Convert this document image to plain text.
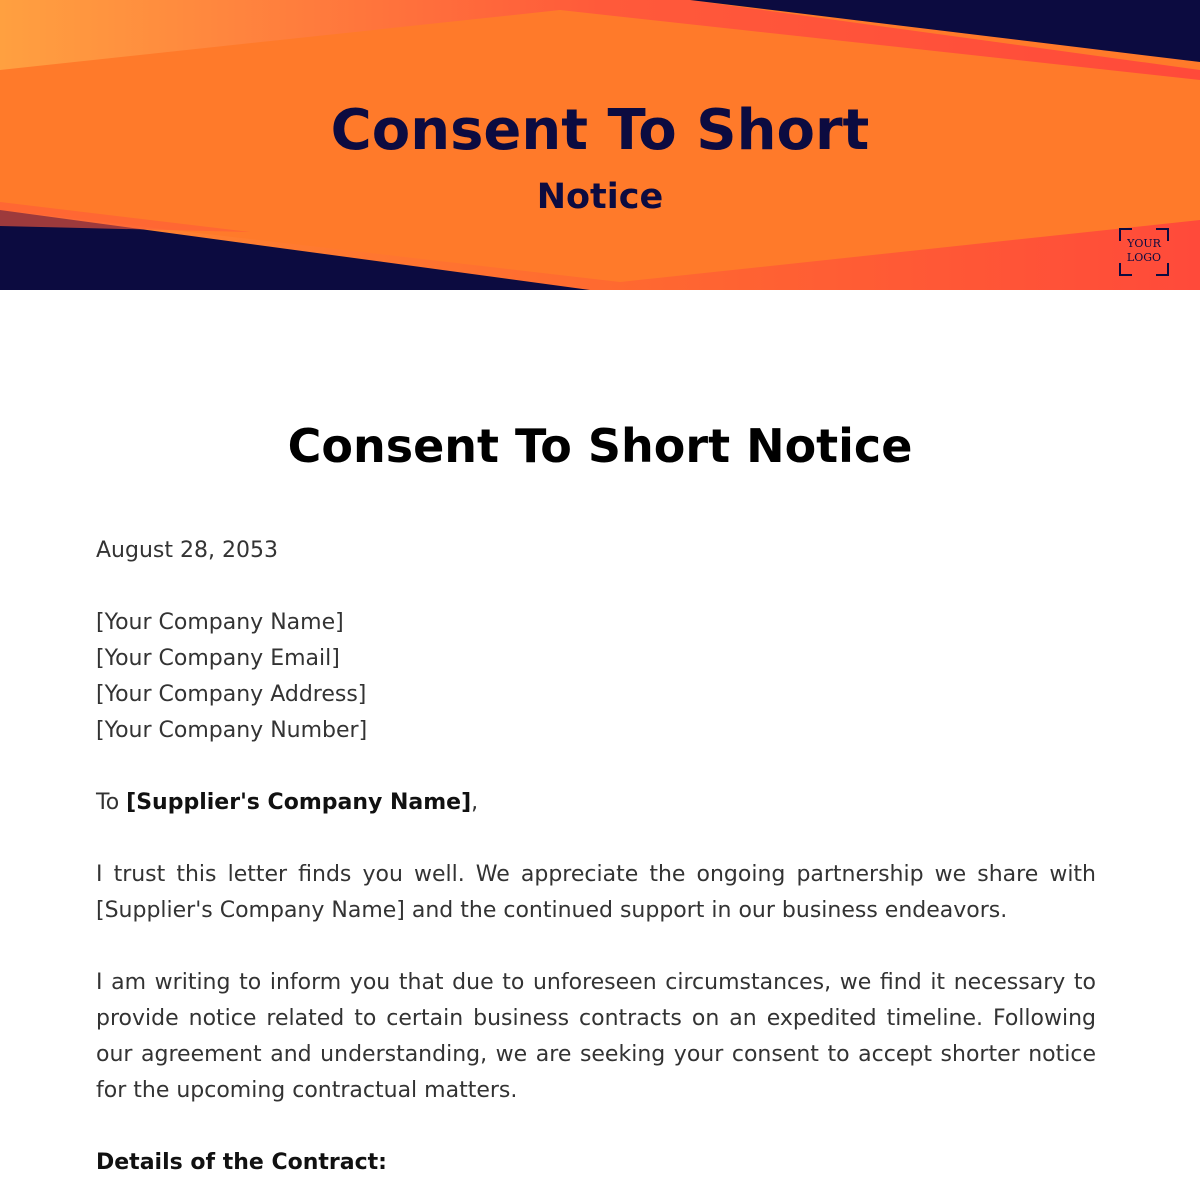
Consent To Short
Notice
YOUR
LOGO
Consent To Short Notice

August 28, 2053

[Your Company Name]

[Your Company Email]

[Your Company Address]

[Your Company Number]

To [Supplier's Company Name],

I trust this letter finds you well. We appreciate the ongoing partnership we share with [Supplier's Company Name] and the continued support in our business endeavors.

I am writing to inform you that due to unforeseen circumstances, we find it necessary to provide notice related to certain business contracts on an expedited timeline. Following our agreement and understanding, we are seeking your consent to accept shorter notice for the upcoming contractual matters.

Details of the Contract:
